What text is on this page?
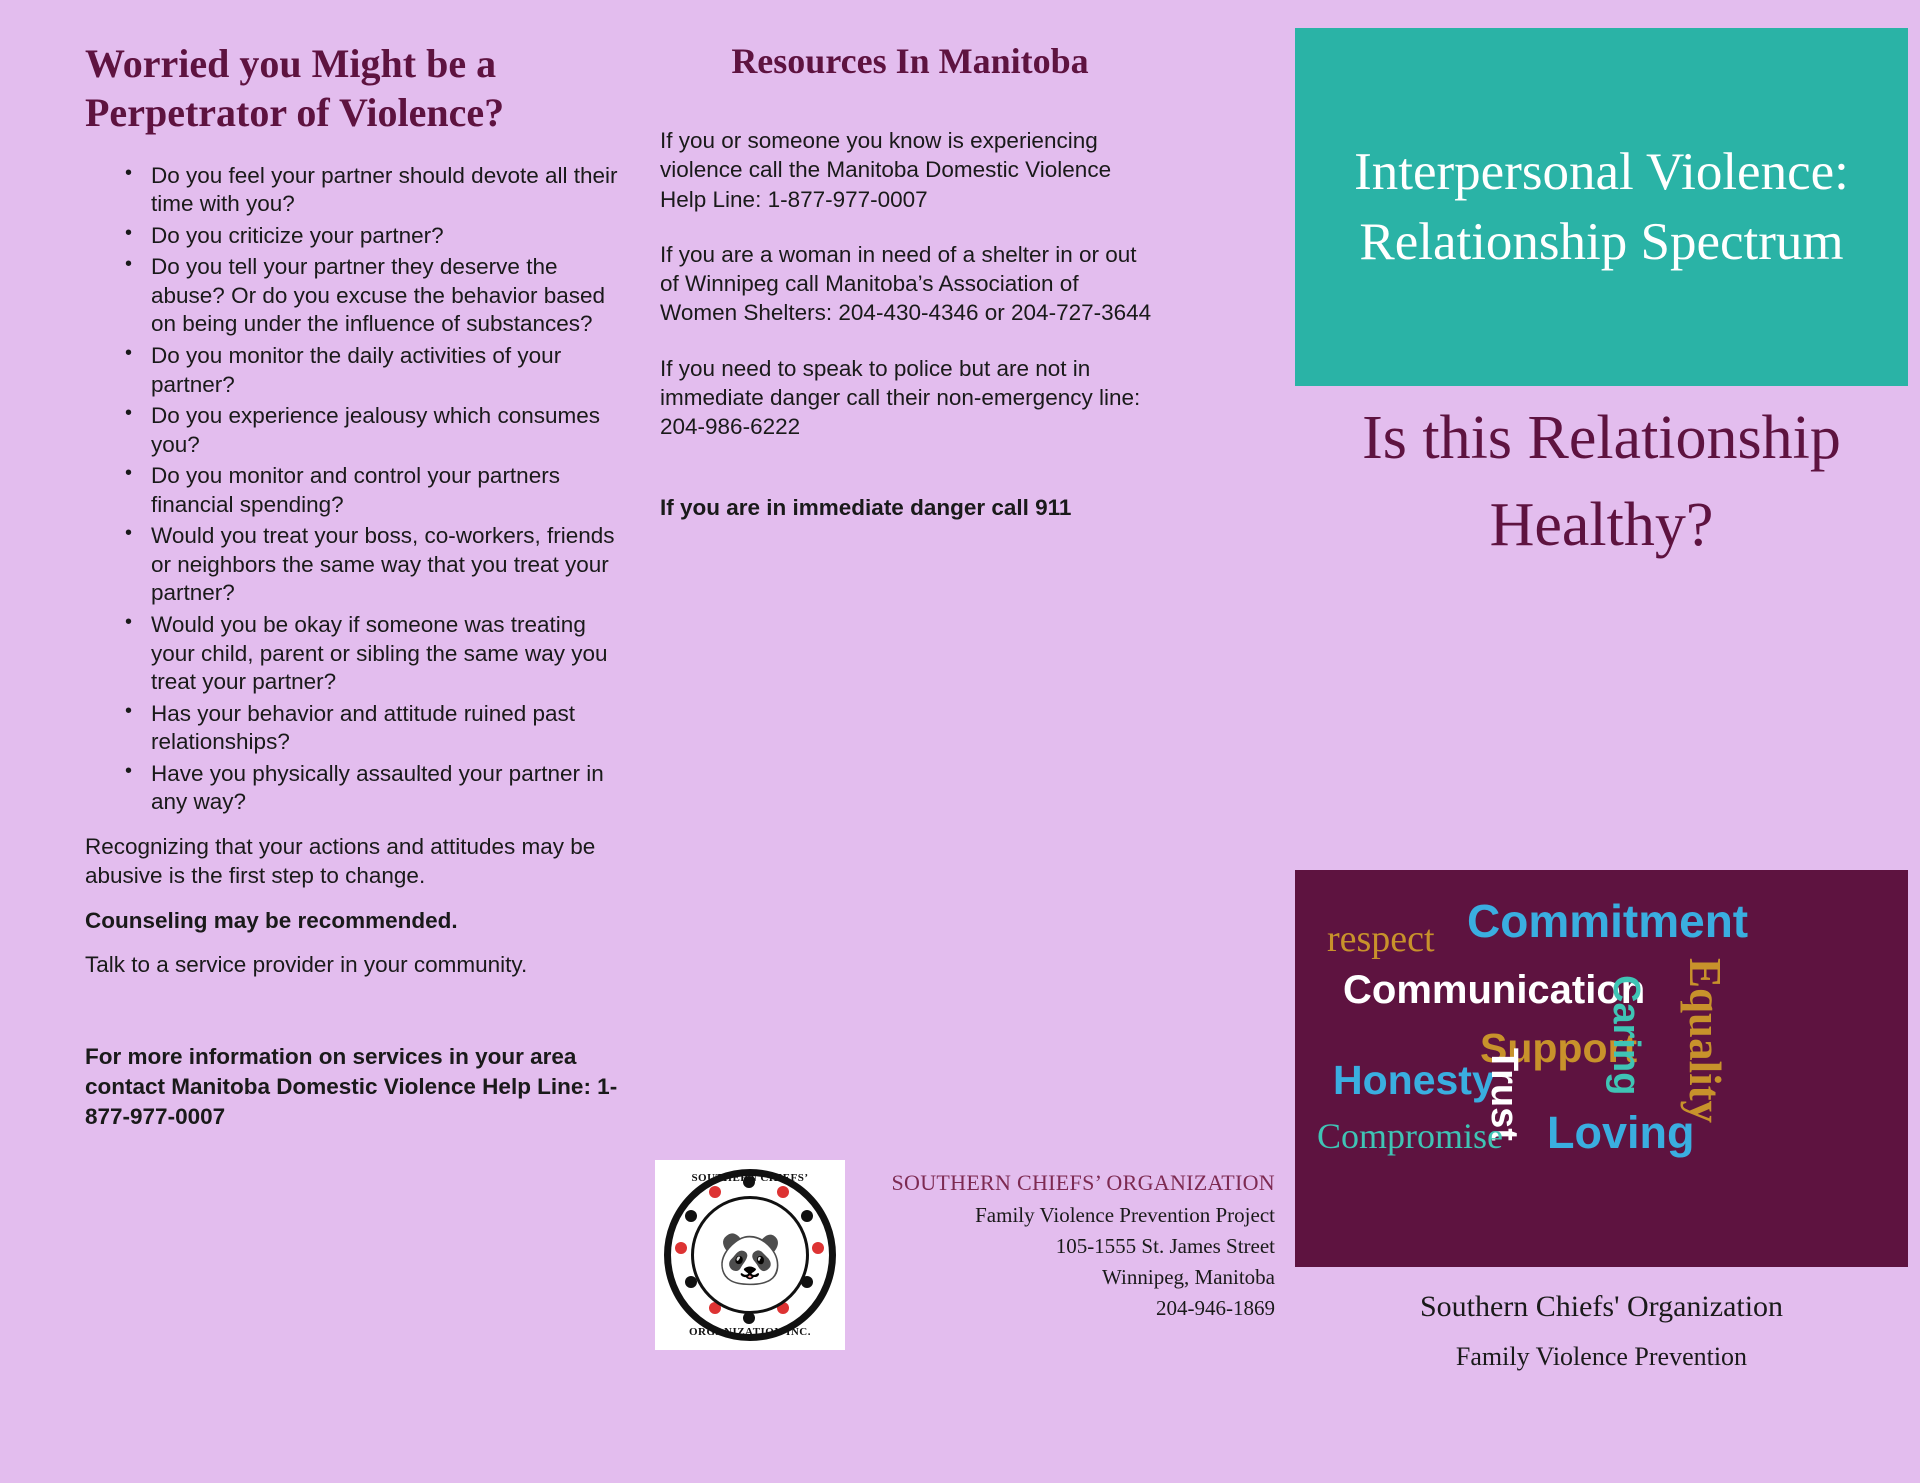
Worried you Might be a Perpetrator of Violence?
• Do you feel your partner should devote all their time with you?
• Do you criticize your partner?
• Do you tell your partner they deserve the abuse? Or do you excuse the behavior based on being under the influence of substances?
• Do you monitor the daily activities of your partner?
• Do you experience jealousy which consumes you?
• Do you monitor and control your partners financial spending?
• Would you treat your boss, co-workers, friends or neighbors the same way that you treat your partner?
• Would you be okay if someone was treating your child, parent or sibling the same way you treat your partner?
• Has your behavior and attitude ruined past relationships?
• Have you physically assaulted your partner in any way?

Recognizing that your actions and attitudes may be abusive is the first step to change.

Counseling may be recommended.

Talk to a service provider in your community.

For more information on services in your area contact Manitoba Domestic Violence Help Line: 1-877-977-0007

Resources In Manitoba

If you or someone you know is experiencing violence call the Manitoba Domestic Violence Help Line: 1-877-977-0007

If you are a woman in need of a shelter in or out of Winnipeg call Manitoba’s Association of Women Shelters: 204-430-4346 or 204-727-3644

If you need to speak to police but are not in immediate danger call their non-emergency line: 204-986-6222

If you are in immediate danger call 911

🐼
SOUTHERN CHIEFS’
ORGANIZATION INC.
SOUTHERN CHIEFS’ ORGANIZATION
Family Violence Prevention Project
105-1555 St. James Street
Winnipeg, Manitoba
204-946-1869
Interpersonal Violence: Relationship Spectrum
Is this Relationship Healthy?
respect Commitment
Communication
Support
Caring Equality
Honesty
Trust
Compromise Loving
Southern Chiefs' Organization
Family Violence Prevention
